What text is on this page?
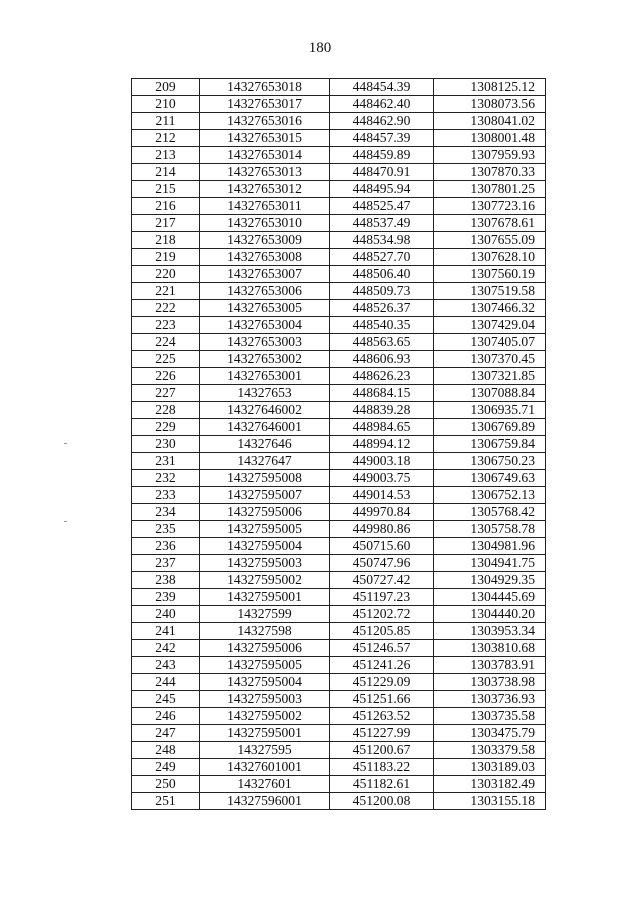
180
209	14327653018	448454.39	1308125.12
210	14327653017	448462.40	1308073.56
211	14327653016	448462.90	1308041.02
212	14327653015	448457.39	1308001.48
213	14327653014	448459.89	1307959.93
214	14327653013	448470.91	1307870.33
215	14327653012	448495.94	1307801.25
216	14327653011	448525.47	1307723.16
217	14327653010	448537.49	1307678.61
218	14327653009	448534.98	1307655.09
219	14327653008	448527.70	1307628.10
220	14327653007	448506.40	1307560.19
221	14327653006	448509.73	1307519.58
222	14327653005	448526.37	1307466.32
223	14327653004	448540.35	1307429.04
224	14327653003	448563.65	1307405.07
225	14327653002	448606.93	1307370.45
226	14327653001	448626.23	1307321.85
227	14327653	448684.15	1307088.84
228	14327646002	448839.28	1306935.71
229	14327646001	448984.65	1306769.89
230	14327646	448994.12	1306759.84
231	14327647	449003.18	1306750.23
232	14327595008	449003.75	1306749.63
233	14327595007	449014.53	1306752.13
234	14327595006	449970.84	1305768.42
235	14327595005	449980.86	1305758.78
236	14327595004	450715.60	1304981.96
237	14327595003	450747.96	1304941.75
238	14327595002	450727.42	1304929.35
239	14327595001	451197.23	1304445.69
240	14327599	451202.72	1304440.20
241	14327598	451205.85	1303953.34
242	14327595006	451246.57	1303810.68
243	14327595005	451241.26	1303783.91
244	14327595004	451229.09	1303738.98
245	14327595003	451251.66	1303736.93
246	14327595002	451263.52	1303735.58
247	14327595001	451227.99	1303475.79
248	14327595	451200.67	1303379.58
249	14327601001	451183.22	1303189.03
250	14327601	451182.61	1303182.49
251	14327596001	451200.08	1303155.18
